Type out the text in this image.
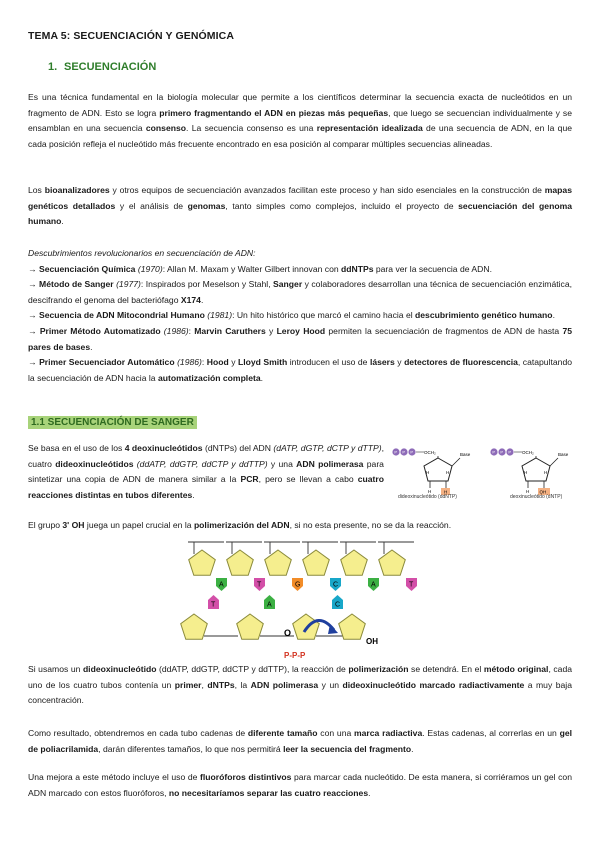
TEMA 5: SECUENCIACIÓN Y GENÓMICA
1. SECUENCIACIÓN

Es una técnica fundamental en la biología molecular que permite a los científicos determinar la secuencia exacta de nucleótidos en un fragmento de ADN. Esto se logra primero fragmentando el ADN en piezas más pequeñas, que luego se secuencian individualmente y se ensamblan en una secuencia consenso. La secuencia consenso es una representación idealizada de una secuencia de ADN, en la que cada posición refleja el nucleótido más frecuente encontrado en esa posición al comparar múltiples secuencias alineadas.

Los bioanalizadores y otros equipos de secuenciación avanzados facilitan este proceso y han sido esenciales en la construcción de mapas genéticos detallados y el análisis de genomas, tanto simples como complejos, incluido el proyecto de secuenciación del genoma humano.

Descubrimientos revolucionarios en secuenciación de ADN:
→ Secuenciación Química (1970): Allan M. Maxam y Walter Gilbert innovan con ddNTPs para ver la secuencia de ADN.
→ Método de Sanger (1977): Inspirados por Meselson y Stahl, Sanger y colaboradores desarrollan una técnica de secuenciación enzimática, descifrando el genoma del bacteriófago X174.
→ Secuencia de ADN Mitocondrial Humano (1981): Un hito histórico que marcó el camino hacia el descubrimiento genético humano.
→ Primer Método Automatizado (1986): Marvin Caruthers y Leroy Hood permiten la secuenciación de fragmentos de ADN de hasta 75 pares de bases.
→ Primer Secuenciador Automático (1986): Hood y Lloyd Smith introducen el uso de lásers y detectores de fluorescencia, catapultando la secuenciación de ADN hacia la automatización completa.
1.1 SECUENCIACIÓN DE SANGER

Se basa en el uso de los 4 deoxinucleótidos (dNTPs) del ADN (dATP, dGTP, dCTP y dTTP), cuatro dideoxinucleótidos (ddATP, ddGTP, ddCTP y ddTTP) y una ADN polimerasa para sintetizar una copia de ADN de manera similar a la PCR, pero se llevan a cabo cuatro reacciones distintas en tubos diferentes.

P P P OCH₂	Base
H	H
H	H
dideoxinucleótido (ddNTP)
P P P OCH₂	Base
H	H
H OH
deoxinucleótido (dNTP)

El grupo 3' OH juega un papel crucial en la polimerización del ADN, si no esta presente, no se da la reacción.

A	T	G	C	A	T
T	A	C
O
OH
P-P-P

Si usamos un dideoxinucleótido (ddATP, ddGTP, ddCTP y ddTTP), la reacción de polimerización se detendrá. En el método original, cada uno de los cuatro tubos contenía un primer, dNTPs, la ADN polimerasa y un dideoxinucleótido marcado radiactivamente a muy baja concentración.

Como resultado, obtendremos en cada tubo cadenas de diferente tamaño con una marca radiactiva. Estas cadenas, al correrlas en un gel de poliacrilamida, darán diferentes tamaños, lo que nos permitirá leer la secuencia del fragmento.

Una mejora a este método incluye el uso de fluoróforos distintivos para marcar cada nucleótido. De esta manera, si corriéramos un gel con ADN marcado con estos fluoróforos, no necesitaríamos separar las cuatro reacciones.
